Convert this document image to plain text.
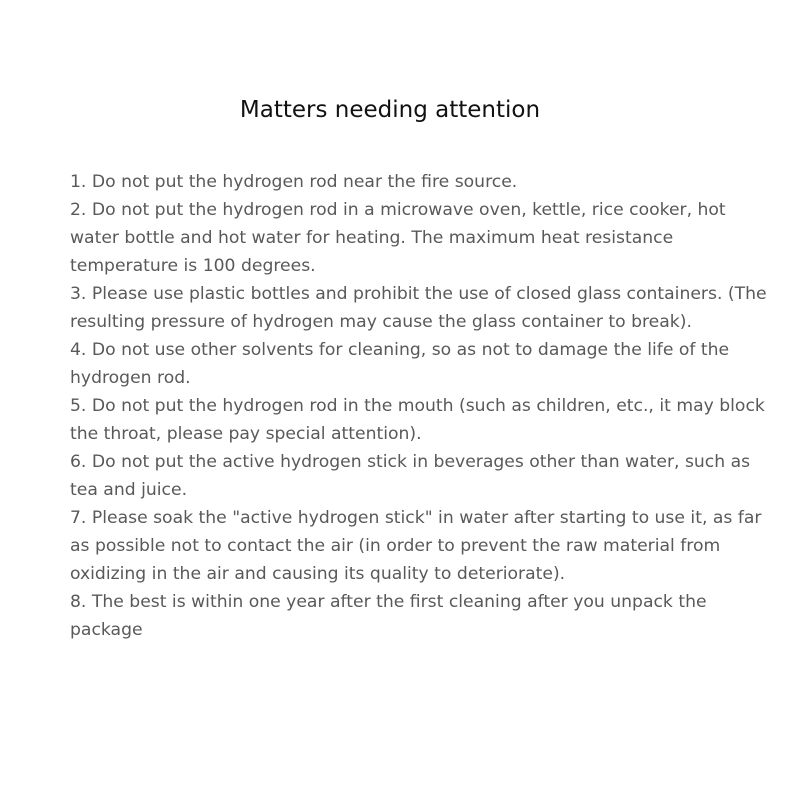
Matters needing attention

1. Do not put the hydrogen rod near the fire source.

2. Do not put the hydrogen rod in a microwave oven, kettle, rice cooker, hot water bottle and hot water for heating. The maximum heat resistance temperature is 100 degrees.

3. Please use plastic bottles and prohibit the use of closed glass containers. (The resulting pressure of hydrogen may cause the glass container to break).

4. Do not use other solvents for cleaning, so as not to damage the life of the hydrogen rod.

5. Do not put the hydrogen rod in the mouth (such as children, etc., it may block the throat, please pay special attention).

6. Do not put the active hydrogen stick in beverages other than water, such as tea and juice.

7. Please soak the "active hydrogen stick" in water after starting to use it, as far as possible not to contact the air (in order to prevent the raw material from oxidizing in the air and causing its quality to deteriorate).

8. The best is within one year after the first cleaning after you unpack the package
